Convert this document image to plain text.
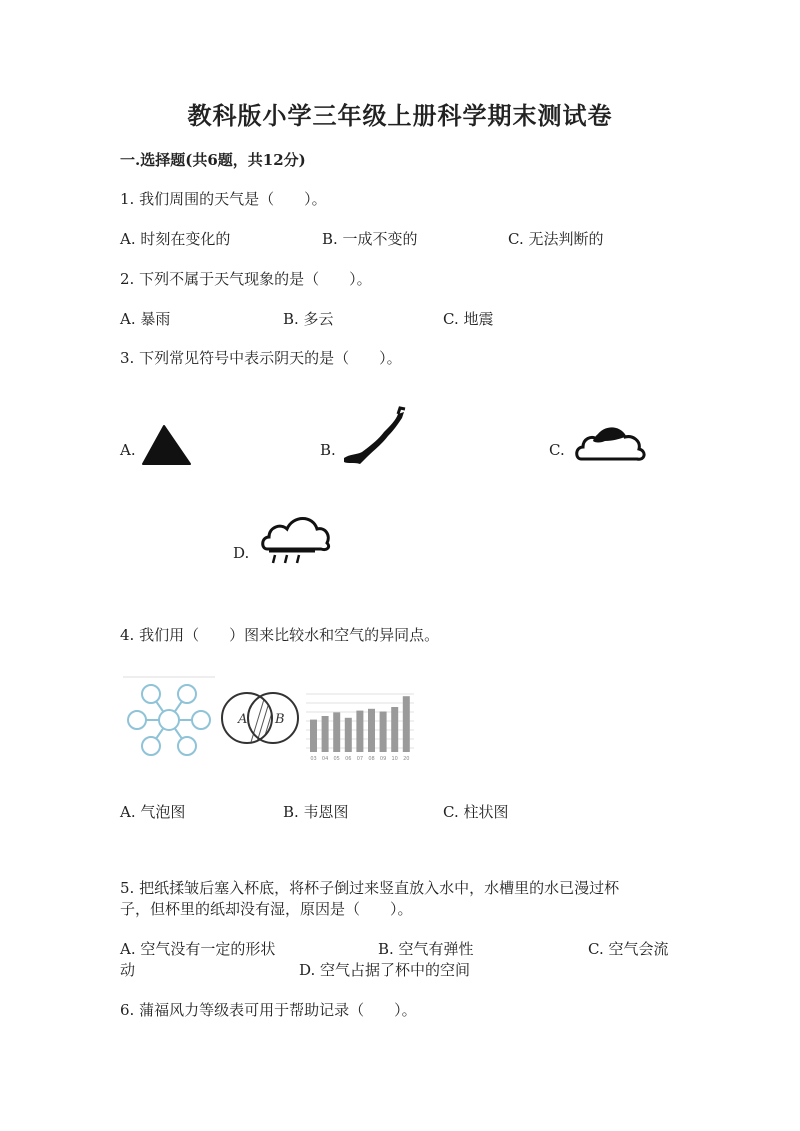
教科版小学三年级上册科学期末测试卷
一.选择题(共6题，共12分)
1. 我们周围的天气是（　　）。
A. 时刻在变化的	B. 一成不变的	C. 无法判断的
2. 下列不属于天气现象的是（　　）。
A. 暴雨	B. 多云	C. 地震
3. 下列常见符号中表示阴天的是（　　）。
A.	B.	C.
D.
4. 我们用（　　）图来比较水和空气的异同点。
A B
03 04 05 06 07 08 09 10 20
A. 气泡图	B. 韦恩图	C. 柱状图
5. 把纸揉皱后塞入杯底，将杯子倒过来竖直放入水中，水槽里的水已漫过杯
子，但杯里的纸却没有湿，原因是（　　）。
A. 空气没有一定的形状	B. 空气有弹性	C. 空气会流
动	D. 空气占据了杯中的空间
6. 蒲福风力等级表可用于帮助记录（　　）。
